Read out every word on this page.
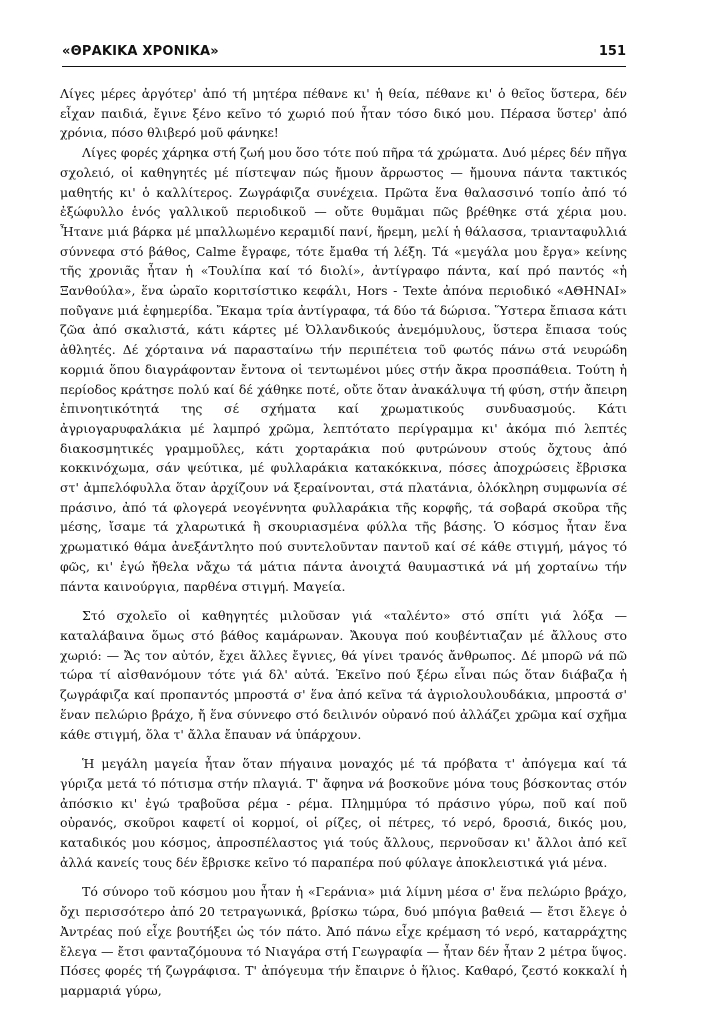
«ΘΡΑΚΙΚΑ ΧΡΟΝΙΚΑ»	151

Λίγες μέρες ἀργότερ' ἀπό τή μητέρα πέθανε κι' ἡ θεία, πέθανε κι' ὁ θεῖος ὕστερα, δέν εἶχαν παιδιά, ἔγινε ξένο κεῖνο τό χωριό πού ἦταν τόσο δικό μου. Πέρασα ὕστερ' ἀπό χρόνια, πόσο θλιβερό μοῦ φάνηκε!

Λίγες φορές χάρηκα στή ζωή μου ὅσο τότε πού πῆρα τά χρώματα. Δυό μέρες δέν πῆγα σχολειό, οἱ καθηγητές μέ πίστεψαν πώς ἤμουν ἄρρωστος — ἤμουνα πάντα τακτικός μαθητής κι' ὁ καλλίτερος. Ζωγράφιζα συνέχεια. Πρῶτα ἕνα θαλασσινό τοπίο ἀπό τό ἐξώφυλλο ἑνός γαλλικοῦ περιοδικοῦ — οὔτε θυμᾶμαι πῶς βρέθηκε στά χέρια μου. Ἦτανε μιά βάρκα μέ μπαλλωμένο κεραμιδί πανί, ἥρεμη, μελί ἡ θάλασσα, τριανταφυλλιά σύννεφα στό βάθος, Calme ἔγραφε, τότε ἔμαθα τή λέξη. Τά «μεγάλα μου ἔργα» κείνης τῆς χρονιᾶς ἦταν ἡ «Τουλίπα καί τό διολί», ἀντίγραφο πάντα, καί πρό παντός «ἡ Ξανθούλα», ἕνα ὡραῖο κοριτσίστικο κεφάλι, Hors - Texte ἀπόνα περιοδικό «ΑΘΗΝΑΙ» ποῦ̀γανε μιά ἐφημερίδα. Ἔκαμα τρία ἀντίγραφα, τά δύο τά δώρισα. Ὕστερα ἔπιασα κάτι ζῶα ἀπό σκαλιστά, κάτι κάρτες μέ Ὀλλανδικούς ἀνεμόμυλους, ὕστερα ἔπιασα τούς ἀθλητές. Δέ χόρταινα νά παρασταίνω τήν περιπέτεια τοῦ φωτός πάνω στά νευρώδη κορμιά ὅπου διαγράφονταν ἔντονα οἱ τεντωμένοι μύες στήν ἄκρα προσπάθεια. Τούτη ἡ περίοδος κράτησε πολύ καί δέ χάθηκε ποτέ, οὔτε ὅταν ἀνακάλυψα τή φύση, στήν ἄπειρη ἐπινοητικότητά της σέ σχήματα καί χρωματικούς συνδυασμούς. Κάτι ἀγριογαρυφαλάκια μέ λαμπρό χρῶμα, λεπτότατο περίγραμμα κι' ἀκόμα πιό λεπτές διακοσμητικές γραμμοῦλες, κάτι χορταράκια πού φυτρώνουν στούς ὄχτους ἀπό κοκκινόχωμα, σάν ψεύτικα, μέ φυλλαράκια κατακόκκινα, πόσες ἀποχρώσεις ἔβρισκα στ' ἀμπελόφυλλα ὅταν ἀρχίζουν νά ξεραίνονται, στά πλατάνια, ὁλόκληρη συμφωνία σέ πράσινο, ἀπό τά φλογερά νεογέννητα φυλλαράκια τῆς κορφῆς, τά σοβαρά σκοῦρα τῆς μέσης, ἴσαμε τά χλαρωτικά ἢ σκουριασμένα φύλλα τῆς βάσης. Ὁ κόσμος ἦταν ἕνα χρωματικό θάμα ἀνεξάντλητο πού συντελοῦνταν παντοῦ καί σέ κάθε στιγμή, μάγος τό φῶς, κι' ἐγώ ἤθελα νἄχω τά μάτια πάντα ἀνοιχτά θαυμαστικά νά μή χορταίνω τήν πάντα καινούργια, παρθένα στιγμή. Μαγεία.

Στό σχολεῖο οἱ καθηγητές μιλοῦσαν γιά «ταλέντο» στό σπίτι γιά λόξα — καταλάβαινα ὅμως στό βάθος καμάρωναν. Ἄκουγα πού κουβέντιαζαν μέ ἄλλους στο χωριό: — Ἄς τον αὐτόν, ἔχει ἄλλες ἔγνιες, θά γίνει τρανός ἄνθρωπος. Δέ μπορῶ νά πῶ τώρα τί αἰσθανόμουν τότε γιά δλ' αὐτά. Ἐκεῖνο πού ξέρω εἶναι πώς ὅταν διάβαζα ἡ ζωγράφιζα καί προπαντός μπροστά σ' ἕνα ἀπό κεῖνα τά ἀγριολουλουδάκια, μπροστά σ' ἕναν πελώριο βράχο, ἤ ἕνα σύννεφο στό δειλινόν οὐρανό πού ἀλλάζει χρῶμα καί σχῆμα κάθε στιγμή, ὅλα τ' ἄλλα ἔπαυαν νά ὑπάρχουν.

Ἡ μεγάλη μαγεία ἦταν ὅταν πήγαινα μοναχός μέ τά πρόβατα τ' ἀπόγεμα καί τά γύριζα μετά τό πότισμα στήν πλαγιά. Τ' ἄφηνα νά βοσκοῦνε μόνα τους βόσκοντας στόν ἀπόσκιο κι' ἐγώ τραβοῦσα ρέμα - ρέμα. Πλημμύρα τό πράσινο γύρω, ποῦ καί ποῦ οὐρανός, σκοῦροι καφετί οἱ κορμοί, οἱ ρίζες, οἱ πέτρες, τό νερό, δροσιά, δικός μου, καταδικός μου κόσμος, ἀπροσπέλαστος γιά τούς ἄλλους, περνοῦσαν κι' ἄλλοι ἀπό κεῖ ἀλλά κανείς τους δέν ἔβρισκε κεῖνο τό παραπέρα πού φύλαγε ἀποκλειστικά γιά μένα.

Τό σύνορο τοῦ κόσμου μου ἦταν ἡ «Γεράνια» μιά λίμνη μέσα σ' ἕνα πελώριο βράχο, ὄχι περισσότερο ἀπό 20 τετραγωνικά, βρίσκω τώρα, δυό μπόγια βαθειά — ἔτσι ἔλεγε ὁ Ἀντρέας πού εἶχε βουτήξει ὡς τόν πάτο. Ἀπό πάνω εἶχε κρέμαση τό νερό, καταρράχτης ἔλεγα — ἔτσι φανταζόμουνα τό Νιαγάρα στή Γεωγραφία — ἦταν δέν ἦταν 2 μέτρα ὕψος. Πόσες φορές τή ζωγράφισα. Τ' ἀπόγευμα τήν ἔπαιρνε ὁ ἥλιος. Καθαρό, ζεστό κοκκαλί ἡ μαρμαριά γύρω,
